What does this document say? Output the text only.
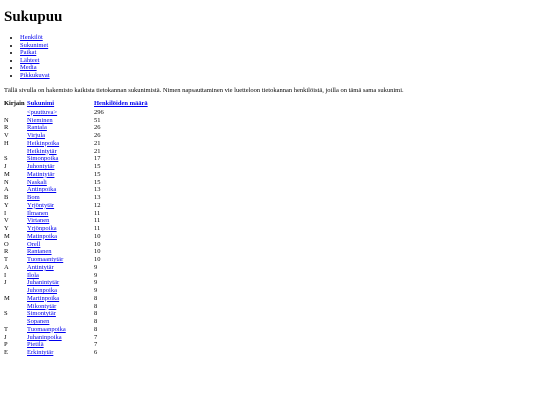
Sukupuu
• Henkilöt
• Sukunimet
• Paikat
• Lähteet
• Media
• Pikkukuvat

Tällä sivulla on hakemisto kaikista tietokannan sukunimistä. Nimen napsauttaminen vie luetteloon tietokannan henkilöistä, joilla on tämä sama sukunimi.

Kirjain	Sukunimi	Henkilöiden määrä
	<puuttuva>	296
N	Nieminen	51
R	Rantala	26
V	Virjula	26
H	Heikinpoika	21
	Heikintytär	21
S	Simonpoika	17
J	Juhontytär	15
M	Matintytär	15
N	Naskali	15
A	Antinpoika	13
B	Bom	13
Y	Yrjöntytär	12
I	Ilmanen	11
V	Virtanen	11
Y	Yrjönpoika	11
M	Matinpoika	10
O	Orell	10
R	Rantanen	10
T	Tuomaantytär	10
A	Antintytär	9
I	Ilola	9
J	Juhanintytär	9
	Juhonpoika	9
M	Martinpoika	8
	Mikontytär	8
S	Simontytär	8
	Sopanen	8
T	Tuomaanpoika	8
J	Juhaninpoika	7
P	Pietilä	7
E	Erkintytär	6
